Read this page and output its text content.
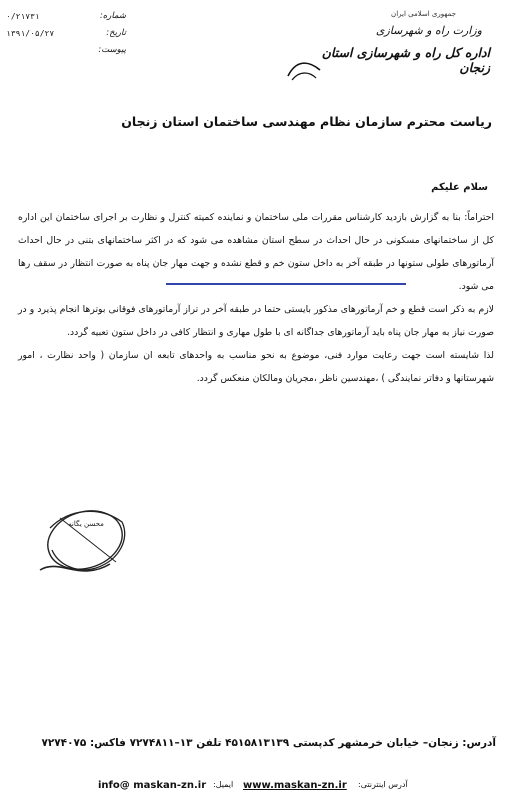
شماره:
۰/۲۱۷۳۱
تاریخ:
۱۳۹۱/۰۵/۲۷
پیوست:
جمهوری اسلامی ایران
وزارت راه و شهرسازی
اداره کل راه و شهرسازی استان زنجان
ریاست محترم سازمان نظام مهندسی ساختمان استان زنجان
سلام علیکم

احتراماً: بنا به گزارش بازدید کارشناس مقررات ملی ساختمان و نماینده کمیته کنترل و نظارت بر اجرای ساختمان این اداره کل از ساختمانهای مسکونی در حال احداث در سطح استان مشاهده می شود که در اکثر ساختمانهای بتنی در حال احداث آرماتورهای طولی ستونها در طبقه آخر به داخل ستون خم و قطع نشده و جهت مهار جان پناه به صورت انتظار در سقف رها می شود.

لازم به ذکر است قطع و خم آرماتورهای مذکور بایستی حتما در طبقه آخر در تراز آرماتورهای فوقانی بوترها انجام پذیرد و در صورت نیاز به مهار جان پناه باید آرماتورهای جداگانه ای با طول مهاری و انتظار کافی در داخل ستون تعبیه گردد.

لذا شایسته است جهت رعایت موارد فنی، موضوع به نحو مناسب به واحدهای تابعه ان سازمان ( واحد نظارت ، امور شهرستانها و دفاتر نمایندگی ) ،مهندسین ناظر ،مجریان ومالکان منعکس گردد.

محسن یگانه
آدرس: زنجان– خیابان خرمشهر کدپستی ۴۵۱۵۸۱۳۱۳۹ تلفن ۱۳–۷۲۷۴۸۱۱ فاکس: ۷۲۷۴۰۷۵
info@ maskan-zn.ir ایمیل: www.maskan-zn.ir آدرس اینترنتی:
